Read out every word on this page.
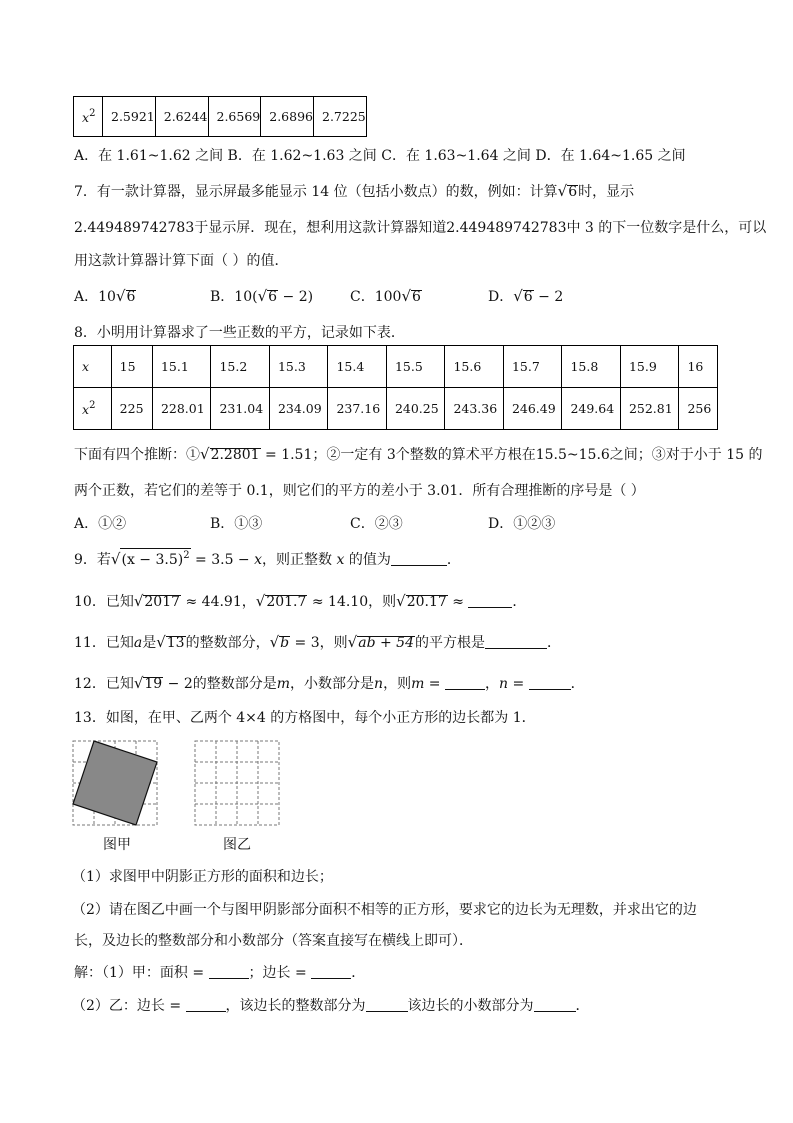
$x^2$	2.5921	2.6244	2.6569	2.6896	2.7225
A．在 1.61~1.62 之间 B．在 1.62~1.63 之间 C．在 1.63~1.64 之间 D．在 1.64~1.65 之间
7．有一款计算器，显示屏最多能显示 14 位（包括小数点）的数，例如：计算√6时，显示
2.449489742783于显示屏．现在，想利用这款计算器知道2.449489742783中 3 的下一位数字是什么，可以
用这款计算器计算下面（ ）的值．
A．10√6	B．10(√6 − 2)	C．100√6	D．√6 − 2
8．小明用计算器求了一些正数的平方，记录如下表．
x	15	15.1	15.2	15.3	15.4	15.5	15.6	15.7	15.8	15.9	16
$x^2$	225	228.01	231.04	234.09	237.16	240.25	243.36	246.49	249.64	252.81	256
下面有四个推断：①√2.2801 = 1.51；②一定有 3个整数的算术平方根在15.5~15.6之间；③对于小于 15 的
两个正数，若它们的差等于 0.1，则它们的平方的差小于 3.01．所有合理推断的序号是（ ）
A．①②	B．①③	C．②③	D．①②③
9．若$√(x - 3.5)^2 = 3.5 - x$，则正整数 x 的值为	．
10．已知√2017 ≈ 44.91，√201.7 ≈ 14.10，则√20.17 ≈	．
11．已知a是√13的整数部分，√b = 3，则√ab + 54的平方根是	．
12．已知√19 − 2的整数部分是m，小数部分是n，则m =	，n =	．
13．如图，在甲、乙两个 4×4 的方格图中，每个小正方形的边长都为 1．
图甲	图乙
（1）求图甲中阴影正方形的面积和边长；
（2）请在图乙中画一个与图甲阴影部分面积不相等的正方形，要求它的边长为无理数，并求出它的边
长，及边长的整数部分和小数部分（答案直接写在横线上即可）．
解：（1）甲：面积 =	；边长 =	．
（2）乙：边长 =	，该边长的整数部分为	该边长的小数部分为	．
